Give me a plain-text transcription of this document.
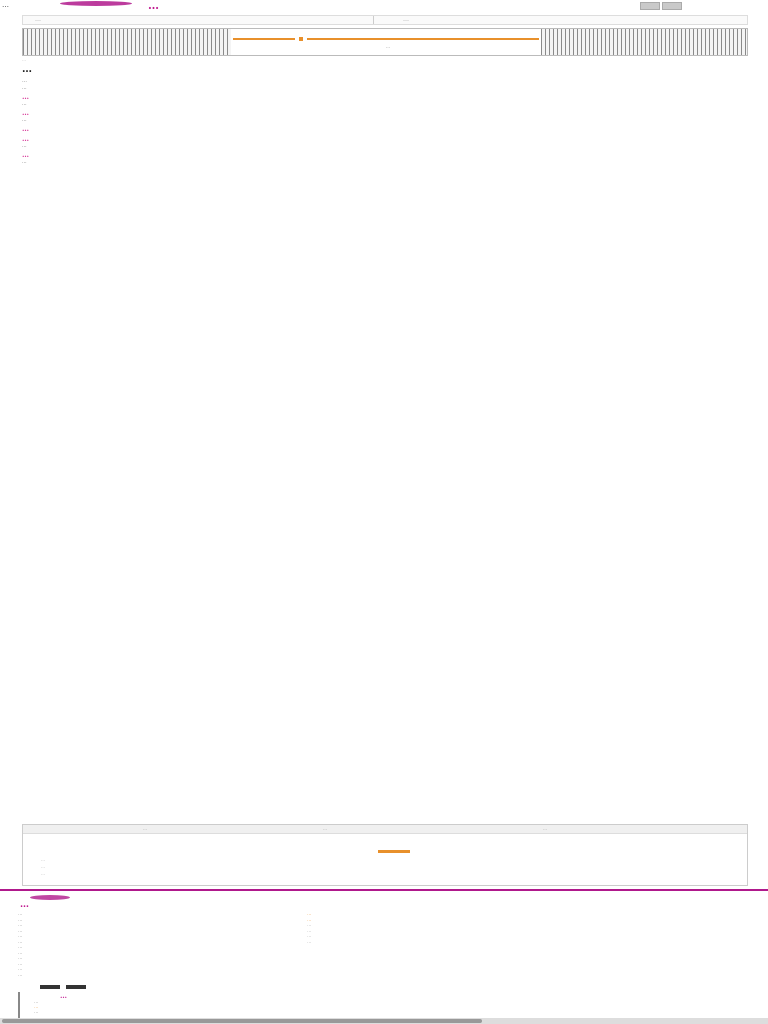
…	…
…	…
…
…
…
…
…
…
…
…
…
…
…
…
…
…
…	…	…
…
…
…
…
…
…
…
…
…
…
…
…
…
…
…
…
…
…
…
…
…
…
…
…
…
…
